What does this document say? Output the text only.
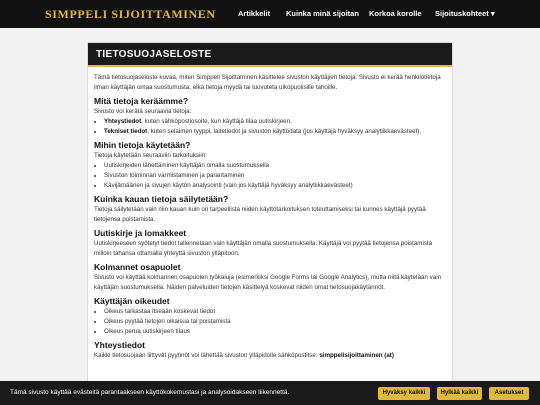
SIMPPELI SIJOITTAMINEN	Artikkelit Kuinka minä sijoitan Korkoa korolle Sijoituskohteet ▾
TIETOSUOJASELOSTE

Tämä tietosuojaseloste kuvaa, miten Simppeli Sijoittaminen käsittelee sivuston käyttäjien tietoja. Sivusto ei kerää henkilötietoja ilman käyttäjän omaa suostumusta, eikä tietoja myydä tai luovuteta ulkopuolisille tahoille.

Mitä tietoja keräämme?

Sivusto voi kerätä seuraavia tietoja:

• Yhteystiedot, kuten sähköpostiosoite, kun käyttäjä tilaa uutiskirjeen.
• Tekniset tiedot, kuten selaimen tyyppi, laitetiedot ja sivuston käyttödata (jos käyttäjä hyväksyy analytiikkaevästeet).
Mihin tietoja käytetään?

Tietoja käytetään seuraaviin tarkoituksiin:

• Uutiskirjeiden lähettäminen käyttäjän omalla suostumuksella
• Sivuston toiminnan varmistaminen ja parantaminen
• Kävijämäärien ja sivujen käytön analysointi (vain jos käyttäjä hyväksyy analytiikkaevästeet)
Kuinka kauan tietoja säilytetään?

Tietoja säilytetään vain niin kauan kuin on tarpeellista niiden käyttötarkoituksen toteuttamiseksi tai kunnes käyttäjä pyytää tietojensa poistamista.

Uutiskirje ja lomakkeet

Uutiskirjeeseen syötetyt tiedot tallennetaan vain käyttäjän omalla suostumuksella. Käyttäjä voi pyytää tietojensa poistamista milloin tahansa ottamalla yhteyttä sivuston ylläpitoon.

Kolmannet osapuolet

Sivusto voi käyttää kolmannen osapuolen työkaluja (esimerkiksi Google Forms tai Google Analytics), mutta niitä käytetään vain käyttäjän suostumuksella. Näiden palveluiden tietojen käsittelyä koskevat niiden omat tietosuojakäytännöt.

Käyttäjän oikeudet
• Oikeus tarkastaa itseään koskevat tiedot
• Oikeus pyytää tietojen oikaisua tai poistamista
• Oikeus perua uutiskirjeen tilaus
Yhteystiedot

Kaikki tietosuojaan liittyvät pyynnöt voi lähettää sivuston ylläpidolle sähköpostitse: simppelisijoittaminen (at)

Tämä sivusto käyttää evästeitä parantaakseen käyttökokemustasi ja analysoidakseen liikennettä.	Hyväksy kaikki	Hylkää kaikki	Asetukset
